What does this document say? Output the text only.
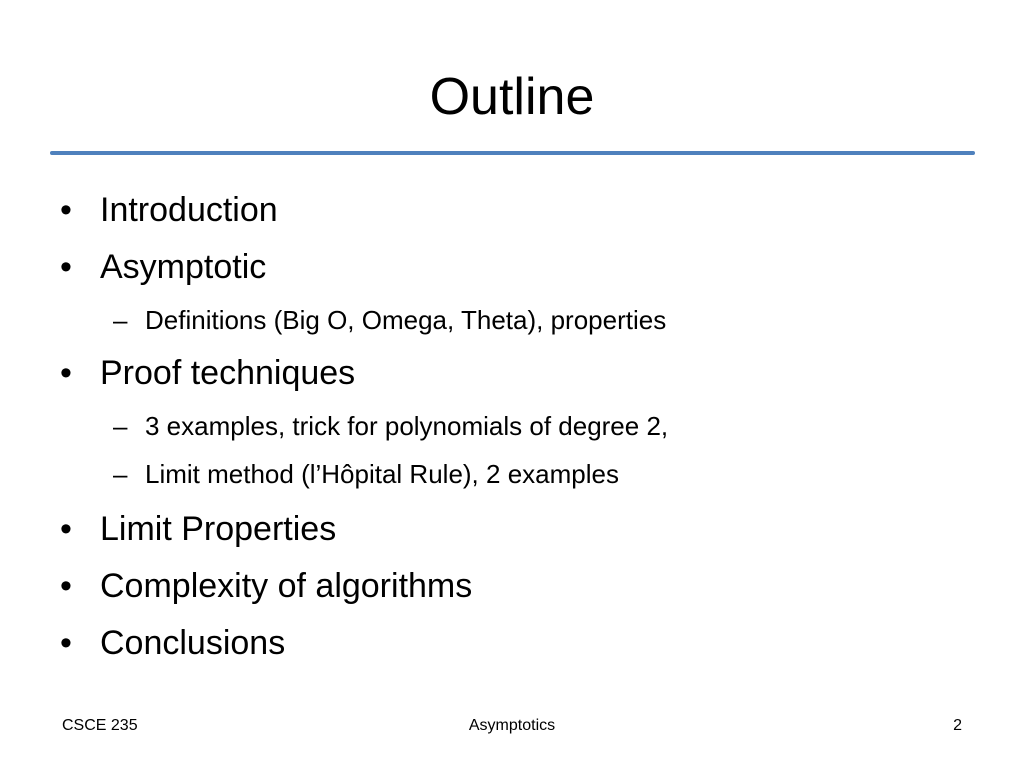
Outline
• Introduction
• Asymptotic
– Definitions (Big O, Omega, Theta), properties
• Proof techniques
– 3 examples, trick for polynomials of degree 2,
– Limit method (l’Hôpital Rule), 2 examples
• Limit Properties
• Complexity of algorithms
• Conclusions
CSCE 235	Asymptotics	2
